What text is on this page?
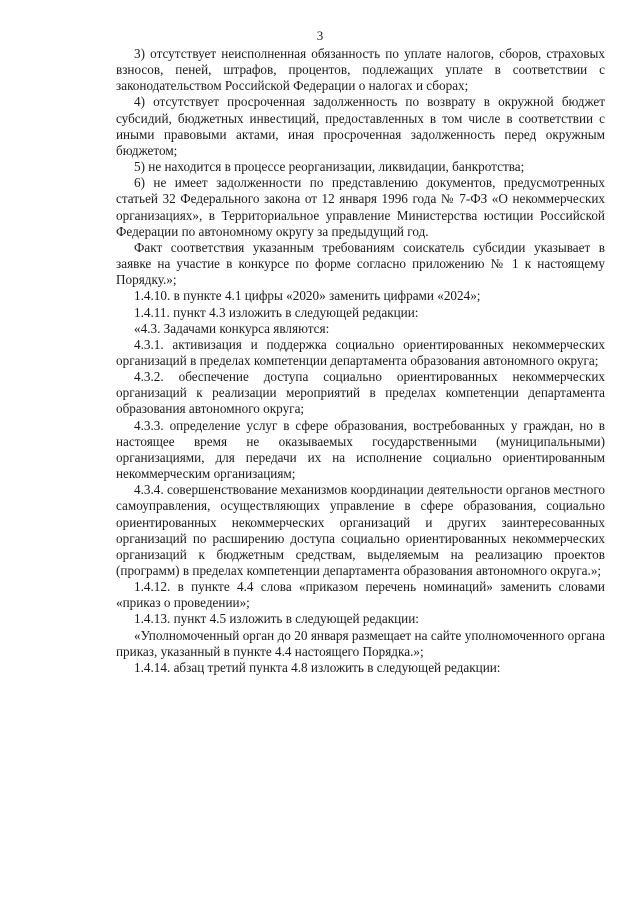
3

3) отсутствует неисполненная обязанность по уплате налогов, сборов, страховых взносов, пеней, штрафов, процентов, подлежащих уплате в соответствии с законодательством Российской Федерации о налогах и сборах;

4) отсутствует просроченная задолженность по возврату в окружной бюджет субсидий, бюджетных инвестиций, предоставленных в том числе в соответствии с иными правовыми актами, иная просроченная задолженность перед окружным бюджетом;

5) не находится в процессе реорганизации, ликвидации, банкротства;

6) не имеет задолженности по представлению документов, предусмотренных статьей 32 Федерального закона от 12 января 1996 года № 7-ФЗ «О некоммерческих организациях», в Территориальное управление Министерства юстиции Российской Федерации по автономному округу за предыдущий год.

Факт соответствия указанным требованиям соискатель субсидии указывает в заявке на участие в конкурсе по форме согласно приложению № 1 к настоящему Порядку.»;

1.4.10. в пункте 4.1 цифры «2020» заменить цифрами «2024»;

1.4.11. пункт 4.3 изложить в следующей редакции:

«4.3. Задачами конкурса являются:

4.3.1. активизация и поддержка социально ориентированных некоммерческих организаций в пределах компетенции департамента образования автономного округа;

4.3.2. обеспечение доступа социально ориентированных некоммерческих организаций к реализации мероприятий в пределах компетенции департамента образования автономного округа;

4.3.3. определение услуг в сфере образования, востребованных у граждан, но в настоящее время не оказываемых государственными (муниципальными) организациями, для передачи их на исполнение социально ориентированным некоммерческим организациям;

4.3.4. совершенствование механизмов координации деятельности органов местного самоуправления, осуществляющих управление в сфере образования, социально ориентированных некоммерческих организаций и других заинтересованных организаций по расширению доступа социально ориентированных некоммерческих организаций к бюджетным средствам, выделяемым на реализацию проектов (программ) в пределах компетенции департамента образования автономного округа.»;

1.4.12. в пункте 4.4 слова «приказом перечень номинаций» заменить словами «приказ о проведении»;

1.4.13. пункт 4.5 изложить в следующей редакции:

«Уполномоченный орган до 20 января размещает на сайте уполномоченного органа приказ, указанный в пункте 4.4 настоящего Порядка.»;

1.4.14. абзац третий пункта 4.8 изложить в следующей редакции:
